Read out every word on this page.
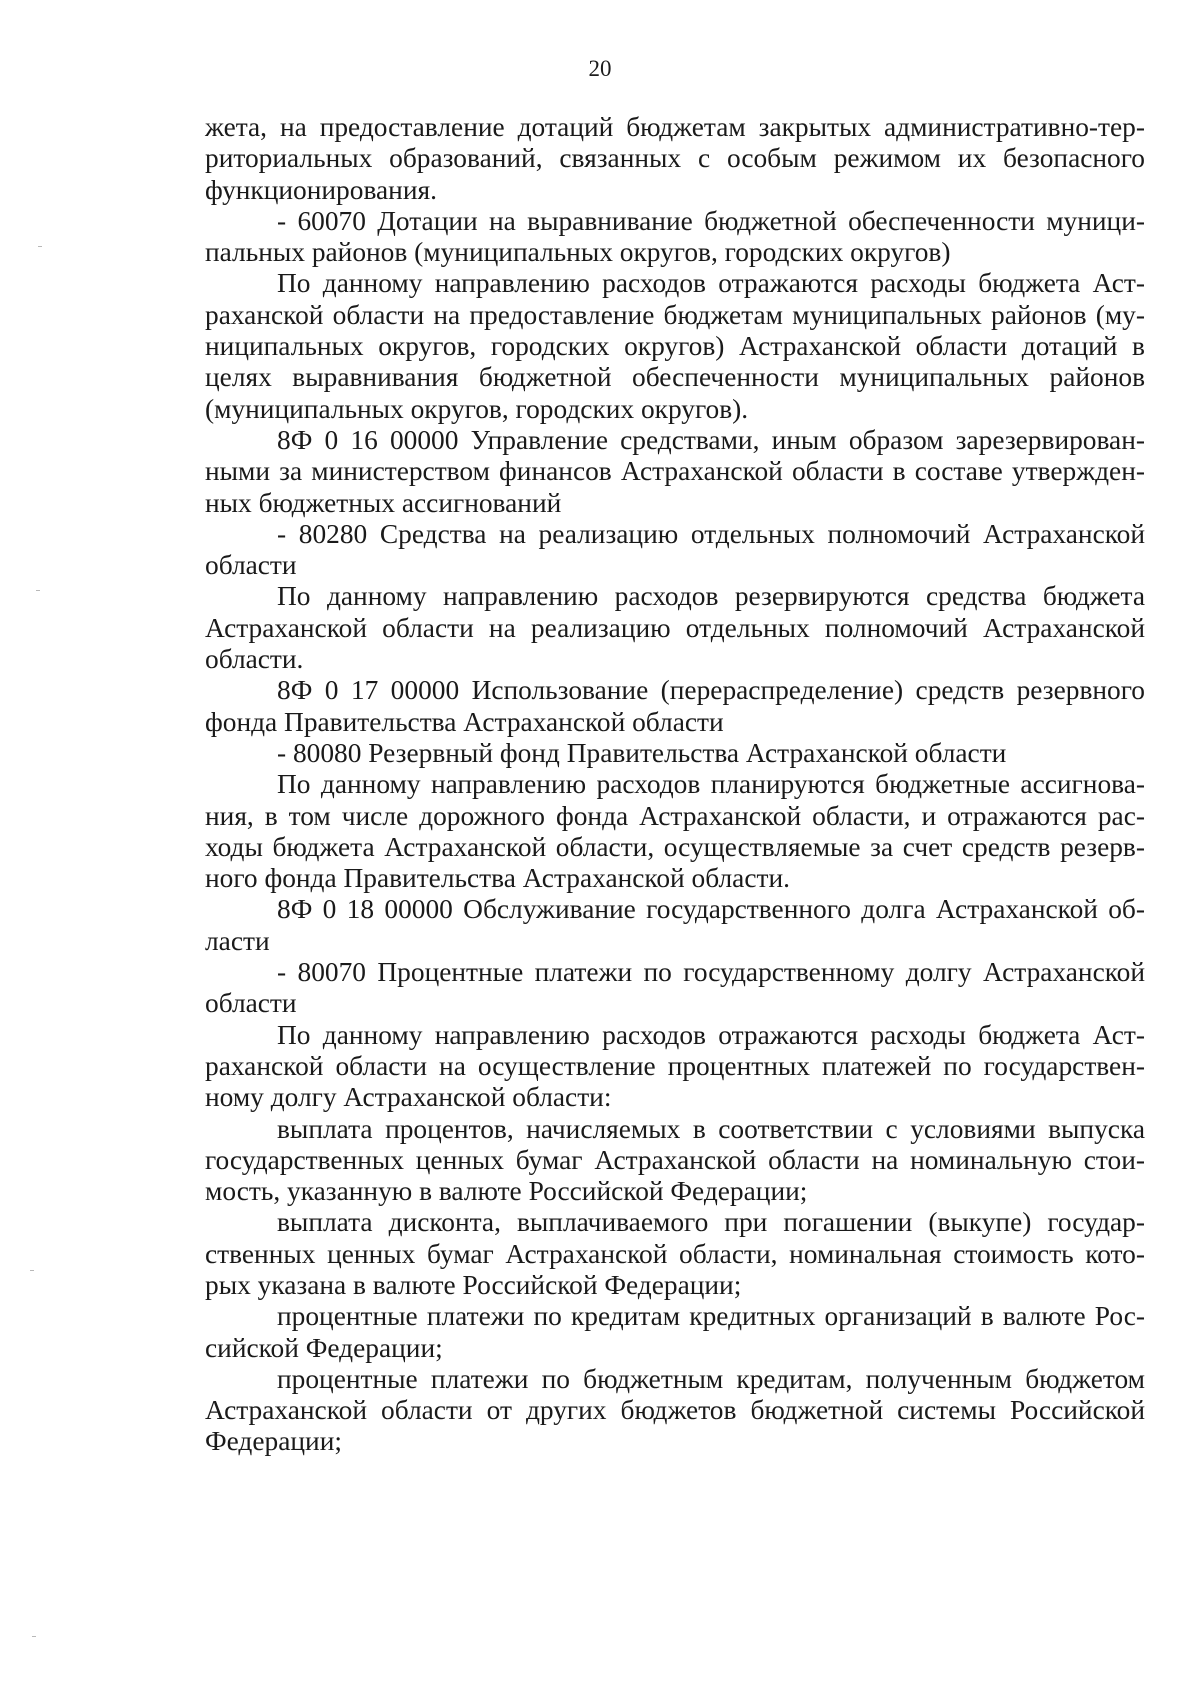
20

жета, на предоставление дотаций бюджетам закрытых административно-территориальных образований, связанных с особым режимом их безопасного функционирования.

- 60070 Дотации на выравнивание бюджетной обеспеченности муниципальных районов (муниципальных округов, городских округов)

По данному направлению расходов отражаются расходы бюджета Астраханской области на предоставление бюджетам муниципальных районов (муниципальных округов, городских округов) Астраханской области дотаций в целях выравнивания бюджетной обеспеченности муниципальных районов (муниципальных округов, городских округов).

8Ф 0 16 00000 Управление средствами, иным образом зарезервированными за министерством финансов Астраханской области в составе утвержденных бюджетных ассигнований

- 80280 Средства на реализацию отдельных полномочий Астраханской области

По данному направлению расходов резервируются средства бюджета Астраханской области на реализацию отдельных полномочий Астраханской области.

8Ф 0 17 00000 Использование (перераспределение) средств резервного фонда Правительства Астраханской области

- 80080 Резервный фонд Правительства Астраханской области

По данному направлению расходов планируются бюджетные ассигнования, в том числе дорожного фонда Астраханской области, и отражаются расходы бюджета Астраханской области, осуществляемые за счет средств резервного фонда Правительства Астраханской области.

8Ф 0 18 00000 Обслуживание государственного долга Астраханской области

- 80070 Процентные платежи по государственному долгу Астраханской области

По данному направлению расходов отражаются расходы бюджета Астраханской области на осуществление процентных платежей по государственному долгу Астраханской области:

выплата процентов, начисляемых в соответствии с условиями выпуска государственных ценных бумаг Астраханской области на номинальную стоимость, указанную в валюте Российской Федерации;

выплата дисконта, выплачиваемого при погашении (выкупе) государственных ценных бумаг Астраханской области, номинальная стоимость которых указана в валюте Российской Федерации;

процентные платежи по кредитам кредитных организаций в валюте Российской Федерации;

процентные платежи по бюджетным кредитам, полученным бюджетом Астраханской области от других бюджетов бюджетной системы Российской Федерации;
